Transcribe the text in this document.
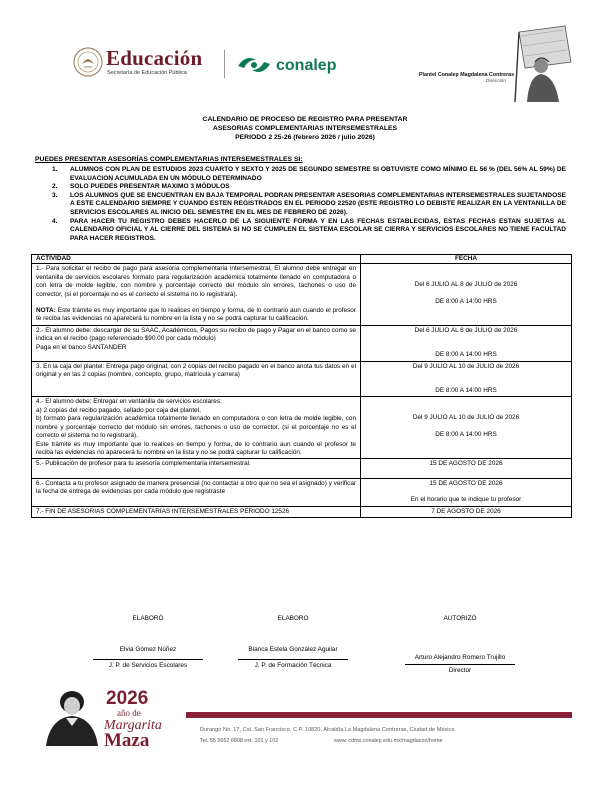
Educación
Secretaría de Educación Pública	conalep
Plantel Conalep Magdalena Contreras
Dirección
CALENDARIO DE PROCESO DE REGISTRO PARA PRESENTAR
ASESORIAS COMPLEMENTARIAS INTERSEMESTRALES
PERIODO 2 25-26 (febrero 2026 / julio 2026)
PUEDES PRESENTAR ASESORÍAS COMPLEMENTARIAS INTERSEMESTRALES SI:
1. ALUMNOS CON PLAN DE ESTUDIOS 2023 CUARTO Y SEXTO Y 2025 DE SEGUNDO SEMESTRE SI OBTUVISTE COMO MÍNIMO EL 56 % (DEL 56% AL 59%) DE EVALUACION ACUMULADA EN UN MÓDULO DETERMINADO
2. SOLO PUEDES PRESENTAR MAXIMO 3 MÓDULOS
3. LOS ALUMNOS QUE SE ENCUENTRAN EN BAJA TEMPORAL PODRAN PRESENTAR ASESORIAS COMPLEMENTARIAS INTERSEMESTRALES SUJETANDOSE A ESTE CALENDARIO SIEMPRE Y CUANDO ESTEN REGISTRADOS EN EL PERIODO 22520 (ESTE REGISTRO LO DEBISTE REALIZAR EN LA VENTANILLA DE SERVICIOS ESCOLARES AL INICIO DEL SEMESTRE EN EL MES DE FEBRERO DE 2026).
4. PARA HACER TU REGISTRO DEBES HACERLO DE LA SIGUIENTE FORMA Y EN LAS FECHAS ESTABLECIDAS, ESTAS FECHAS ESTAN SUJETAS AL CALENDARIO OFICIAL Y AL CIERRE DEL SISTEMA SI NO SE CUMPLEN EL SISTEMA ESCOLAR SE CIERRA Y SERVICIOS ESCOLARES NO TIENE FACULTAD PARA HACER REGISTROS.
ACTIVIDAD	FECHA
1.- Para solicitar el recibo de pago para asesoría complementaria intersemestral, El alumno debe entregar en ventanilla de servicios escolares formato para regularización académica totalmente llenado en computadora o con letra de molde legible, con nombre y porcentaje correcto del módulo sin errores, tachones o uso de corrector, (si el porcentaje no es el correcto el sistema no lo registrará).
NOTA: Este trámite es muy importante que lo realices en tiempo y forma, de lo contrario aun cuando el profesor te reciba las evidencias no aparecerá tu nombre en la lista y no se podrá capturar tu calificación.	Del 6 JULIO AL 8 de JULIO de 2026

DE 8:00 A 14:00 HRS
2.- El alumno debe: descargar de su SAAC, Académicos, Pagos su recibo de pago y Pagar en el banco como se indica en el recibo (pago referenciado $90.00 por cada módulo)
Paga en el banco SANTANDER	Del 6 JULIO AL 8 de JULIO de 2026

DE 8:00 A 14:00 HRS
3. En la caja del plantel: Entrega pago original, con 2 copias del recibo pagado en el banco anota tus datos en el original y en las 2 copias (nombre, concepto, grupo, matrícula y carrera)	Del 9 JULIO AL 10 de JULIO de 2026

DE 8:00 A 14:00 HRS
4.- El alumno debe: Entregar en ventanilla de servicios escolares:
a) 2 copias del recibo pagado, sellado por caja del plantel,
b) formato para regularización académica totalmente llenado en computadora o con letra de molde legible, con nombre y porcentaje correcto del módulo sin errores, tachones o uso de corrector, (si el porcentaje no es el correcto el sistema no lo registrará).
Este trámite es muy importante que lo realices en tiempo y forma, de lo contrario aun cuando el profesor te reciba las evidencias no aparecerá tu nombre en la lista y no se podrá capturar tu calificación.	Del 9 JULIO AL 10 de JULIO de 2026

DE 8:00 A 14:00 HRS
5.- Publicación de profesor para tu asesoría complementaria intersemestral.	15 DE AGOSTO DE 2026
6.- Contacta a tu profesor asignado de manera presencial (no contactar a otro que no sea el asignado) y verificar la fecha de entrega de evidencias por cada módulo que registraste	15 DE AGOSTO DE 2026

En el horario que te indique tu profesor
7.- FIN DE ASESORIAS COMPLEMENTARIAS INTERSEMESTRALES PERIODO 12526	7 DE AGOSTO DE 2026
ELABORÓ	ELABORO	AUTORIZÓ
Elvia Gómez Núñez	Blanca Estela González Aguilar
Arturo Alejandro Romero Trujillo
J. P. de Servicios Escolares	J. P. de Formación Técnica
Director
2026
año de
Margarita
Maza	Durango No. 17, Col. San Francisco, C.P. 10820, Alcaldía La Magdalena Contreras, Ciudad de México.
Tel. 55 5652 6808 ext. 101 y 102	www. cdmx.conalep.edu.mx/magdacon/home
